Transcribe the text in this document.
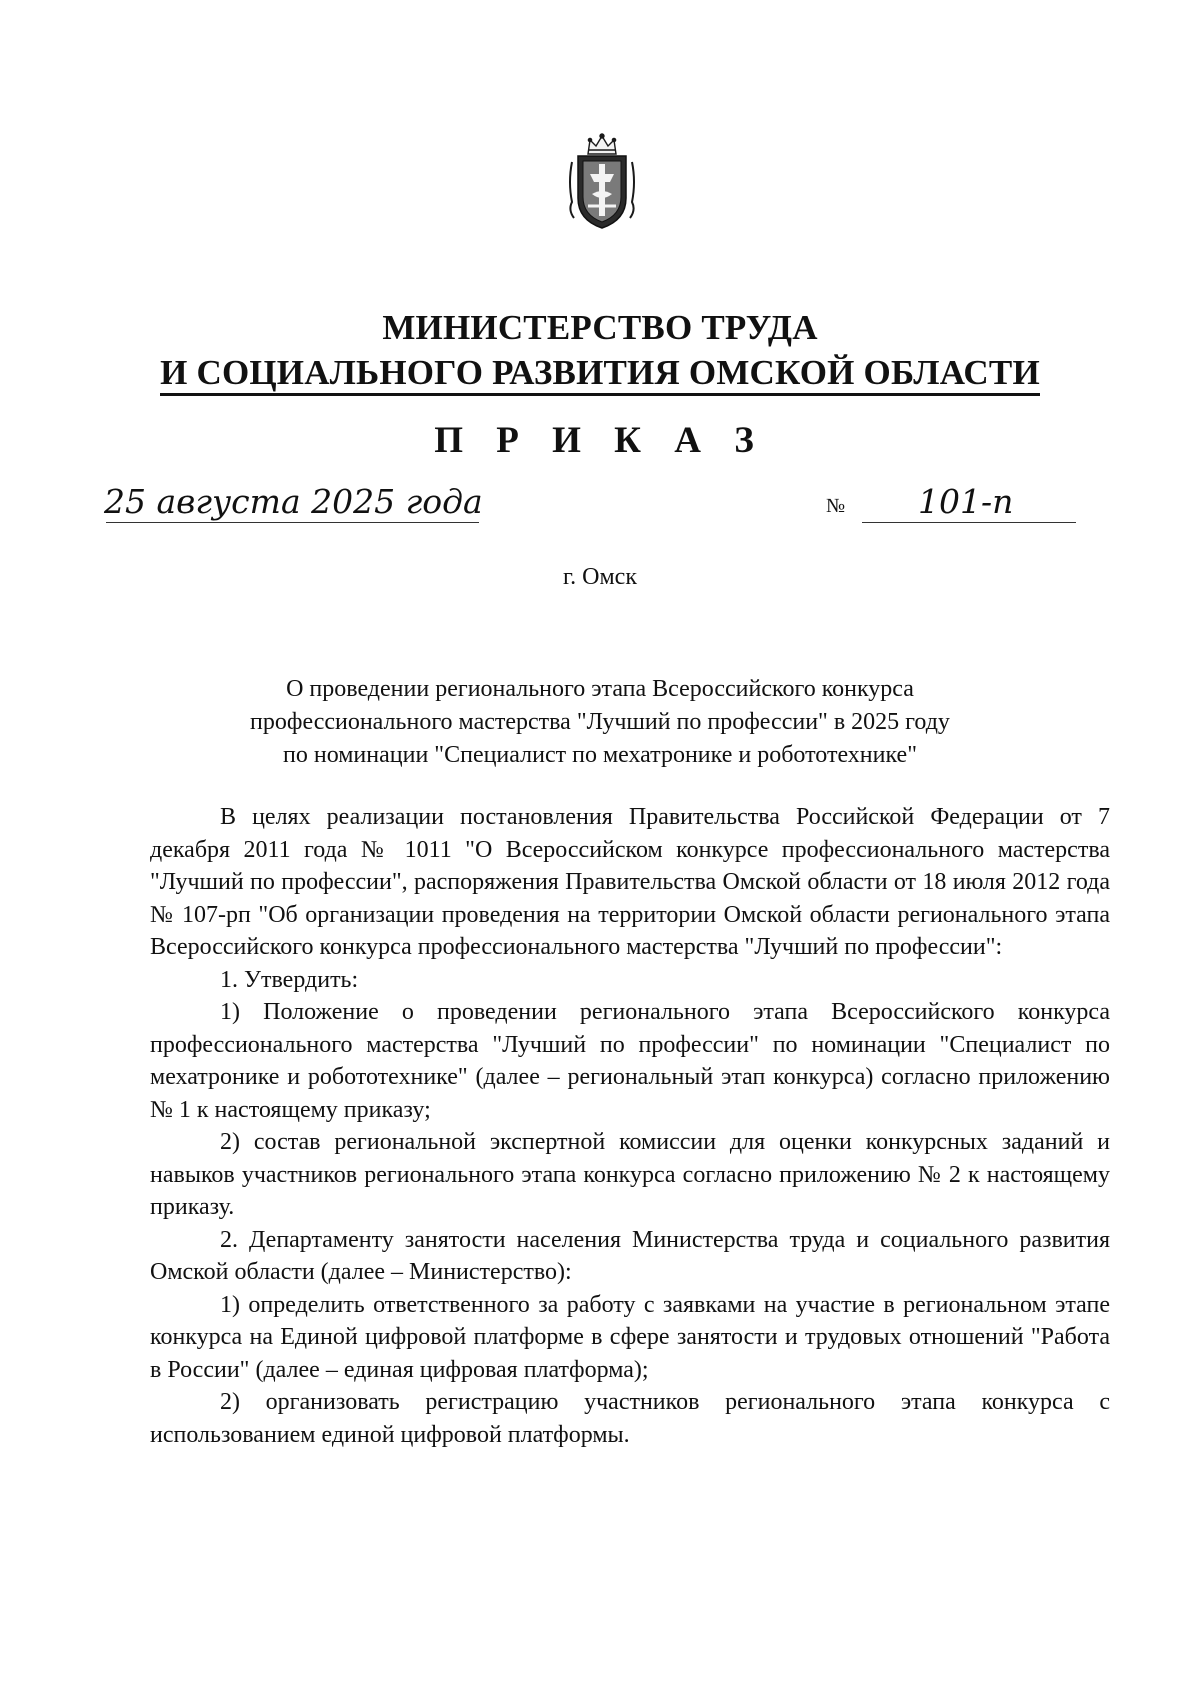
МИНИСТЕРСТВО ТРУДА
И СОЦИАЛЬНОГО РАЗВИТИЯ ОМСКОЙ ОБЛАСТИ
П Р И К А З
25 августа 2025 года	№ 101-п
г. Омск
О проведении регионального этапа Всероссийского конкурса
профессионального мастерства "Лучший по профессии" в 2025 году
по номинации "Специалист по мехатронике и робототехнике"

В целях реализации постановления Правительства Российской Федерации от 7 декабря 2011 года № 1011 "О Всероссийском конкурсе профессионального мастерства "Лучший по профессии", распоряжения Правительства Омской области от 18 июля 2012 года № 107-рп "Об организации проведения на территории Омской области регионального этапа Всероссийского конкурса профессионального мастерства "Лучший по профессии":

1. Утвердить:

1) Положение о проведении регионального этапа Всероссийского конкурса профессионального мастерства "Лучший по профессии" по номинации "Специалист по мехатронике и робототехнике" (далее – региональный этап конкурса) согласно приложению № 1 к настоящему приказу;

2) состав региональной экспертной комиссии для оценки конкурсных заданий и навыков участников регионального этапа конкурса согласно приложению № 2 к настоящему приказу.

2. Департаменту занятости населения Министерства труда и социального развития Омской области (далее – Министерство):

1) определить ответственного за работу с заявками на участие в региональном этапе конкурса на Единой цифровой платформе в сфере занятости и трудовых отношений "Работа в России" (далее – единая цифровая платформа);

2) организовать регистрацию участников регионального этапа конкурса с использованием единой цифровой платформы.
